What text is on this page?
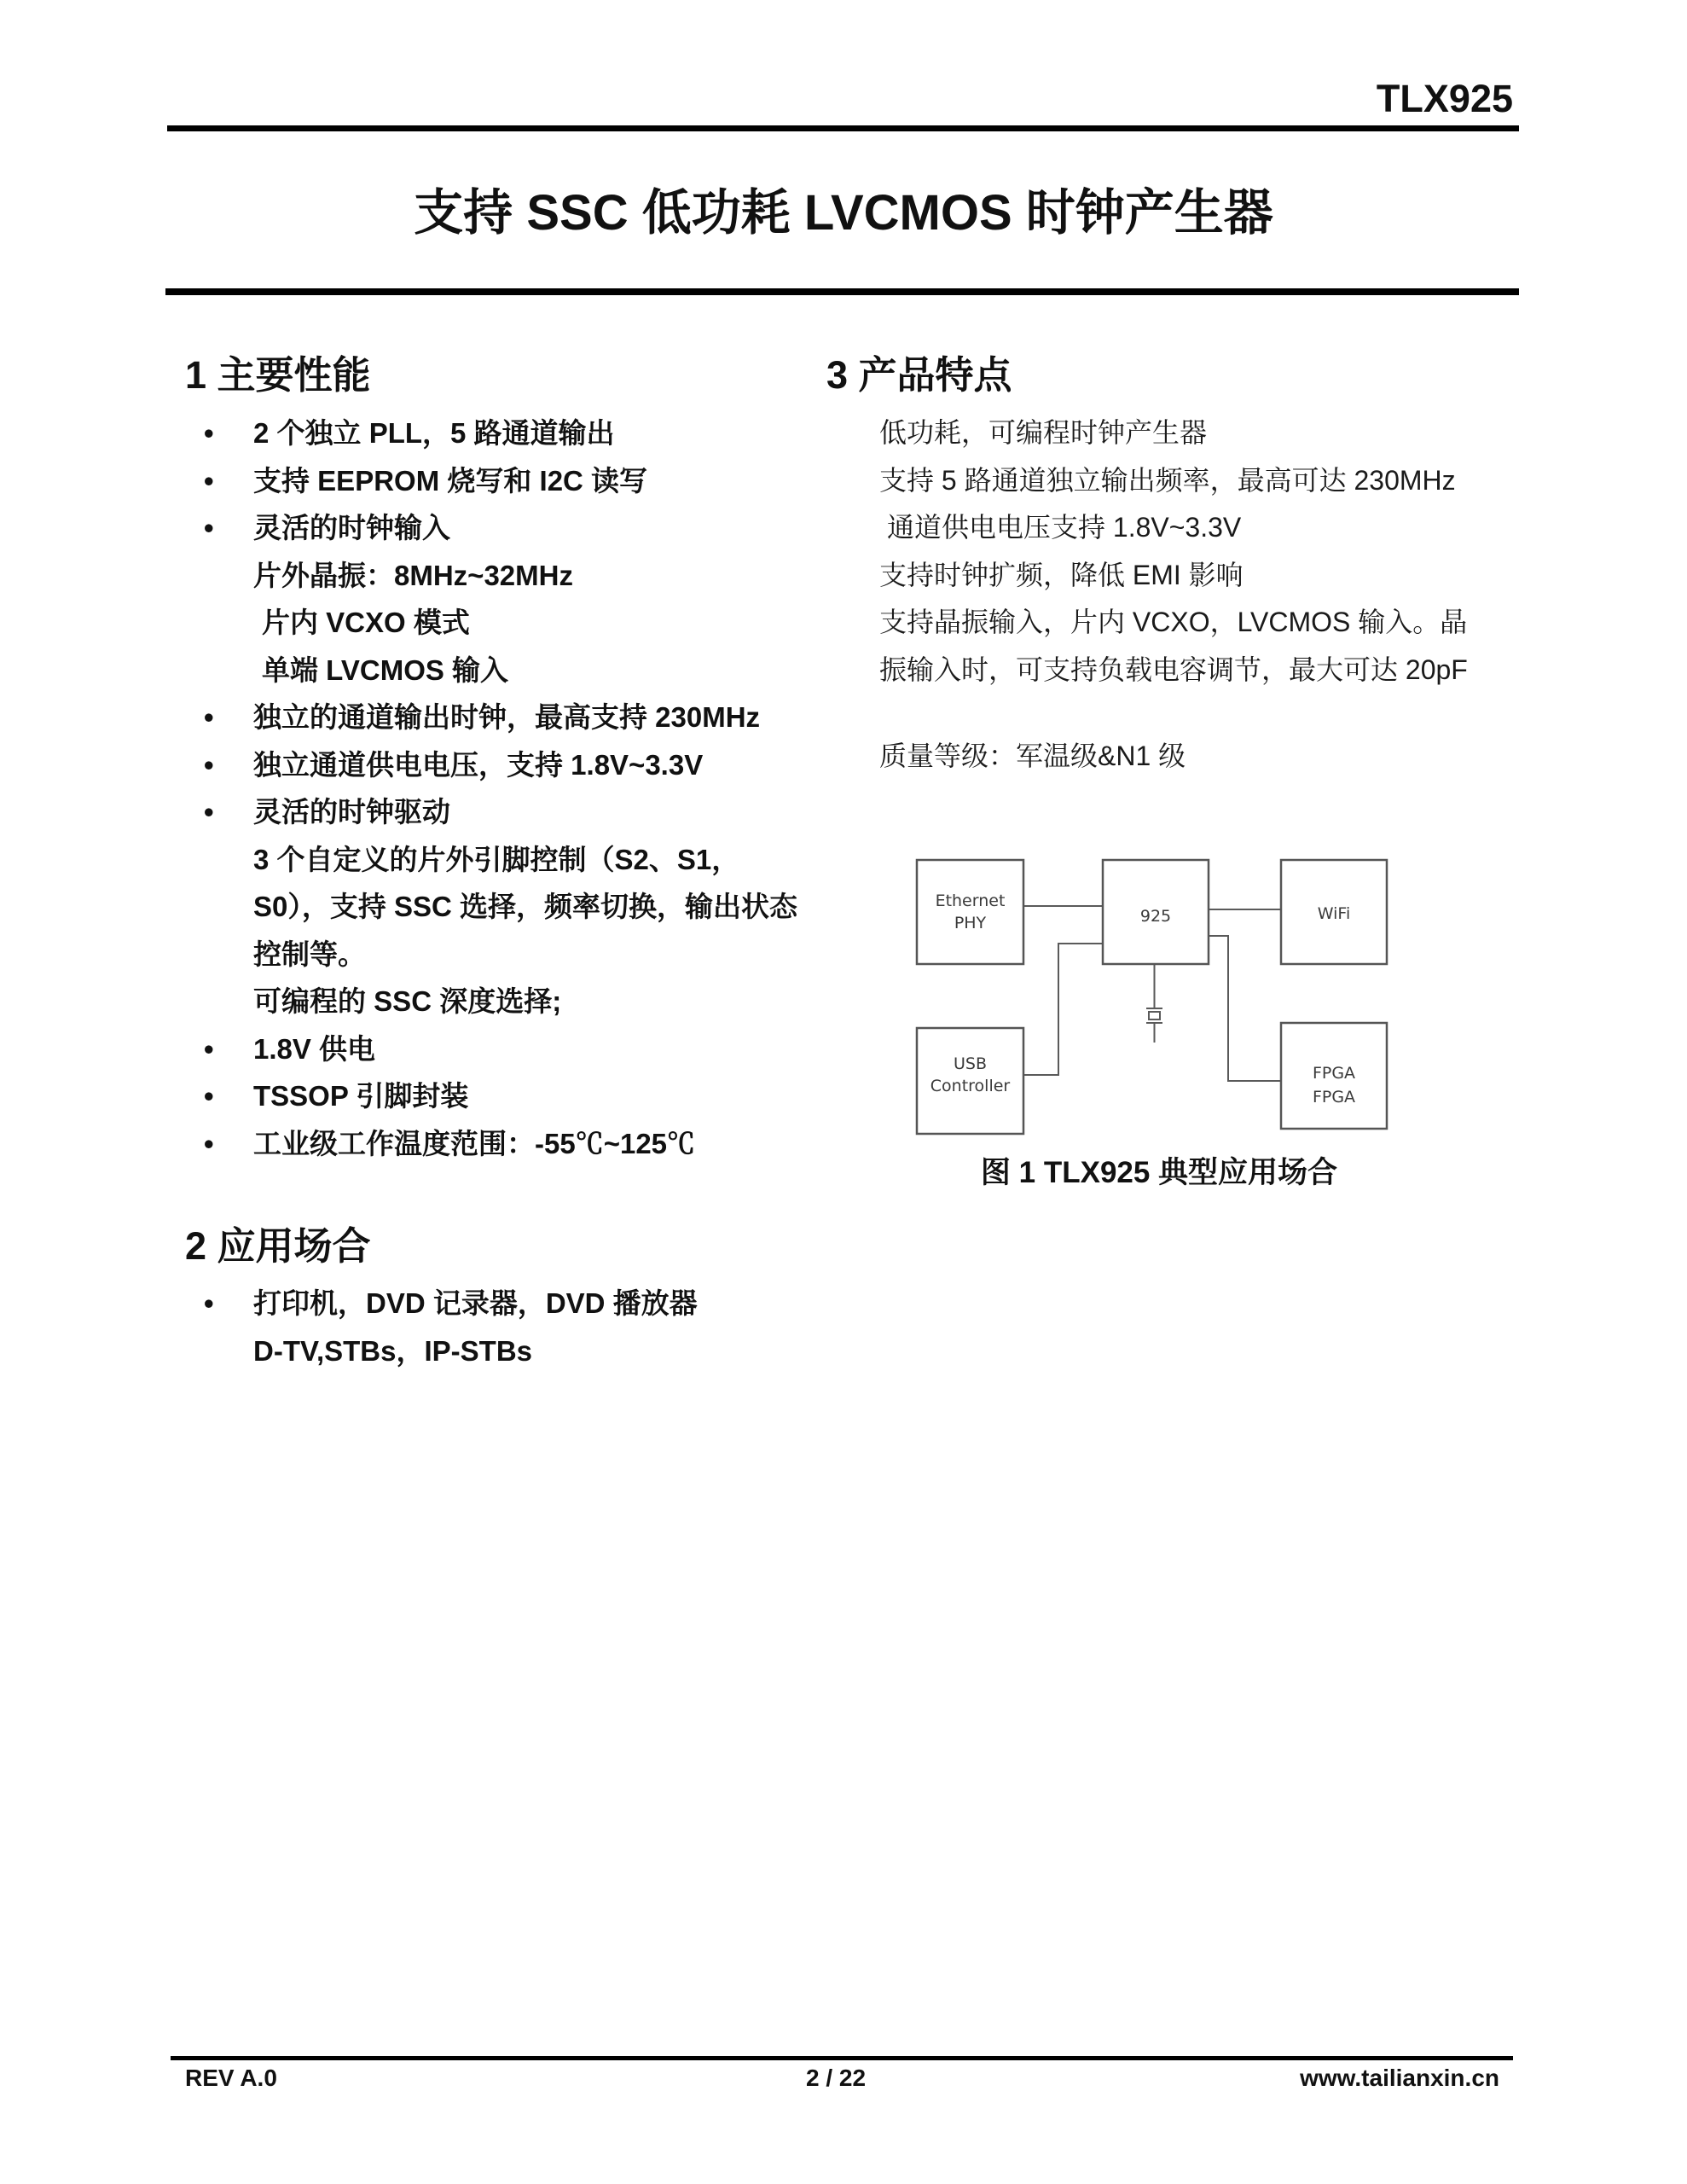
TLX925
支持 SSC 低功耗 LVCMOS 时钟产生器
1 主要性能
• 2 个独立 PLL，5 路通道输出
• 支持 EEPROM 烧写和 I2C 读写
• 灵活的时钟输入
片外晶振：8MHz~32MHz
片内 VCXO 模式
单端 LVCMOS 输入
• 独立的通道输出时钟，最高支持 230MHz
• 独立通道供电电压，支持 1.8V~3.3V
• 灵活的时钟驱动
3 个自定义的片外引脚控制（S2、S1，
S0），支持 SSC 选择，频率切换，输出状态
控制等。
可编程的 SSC 深度选择;
• 1.8V 供电
• TSSOP 引脚封装
• 工业级工作温度范围：-55℃~125℃
2 应用场合
• 打印机，DVD 记录器，DVD 播放器
D-TV,STBs，IP-STBs
3 产品特点
低功耗，可编程时钟产生器
支持 5 路通道独立输出频率，最高可达 230MHz
通道供电电压支持 1.8V~3.3V
支持时钟扩频，降低 EMI 影响
支持晶振输入，片内 VCXO，LVCMOS 输入。晶
振输入时，可支持负载电容调节，最大可达 20pF
质量等级：军温级&N1 级
Ethernet
PHY	925	WiFi
USB
Controller
FPGA
FPGA
图 1 TLX925 典型应用场合
REV A.0	2 / 22	www.tailianxin.cn
